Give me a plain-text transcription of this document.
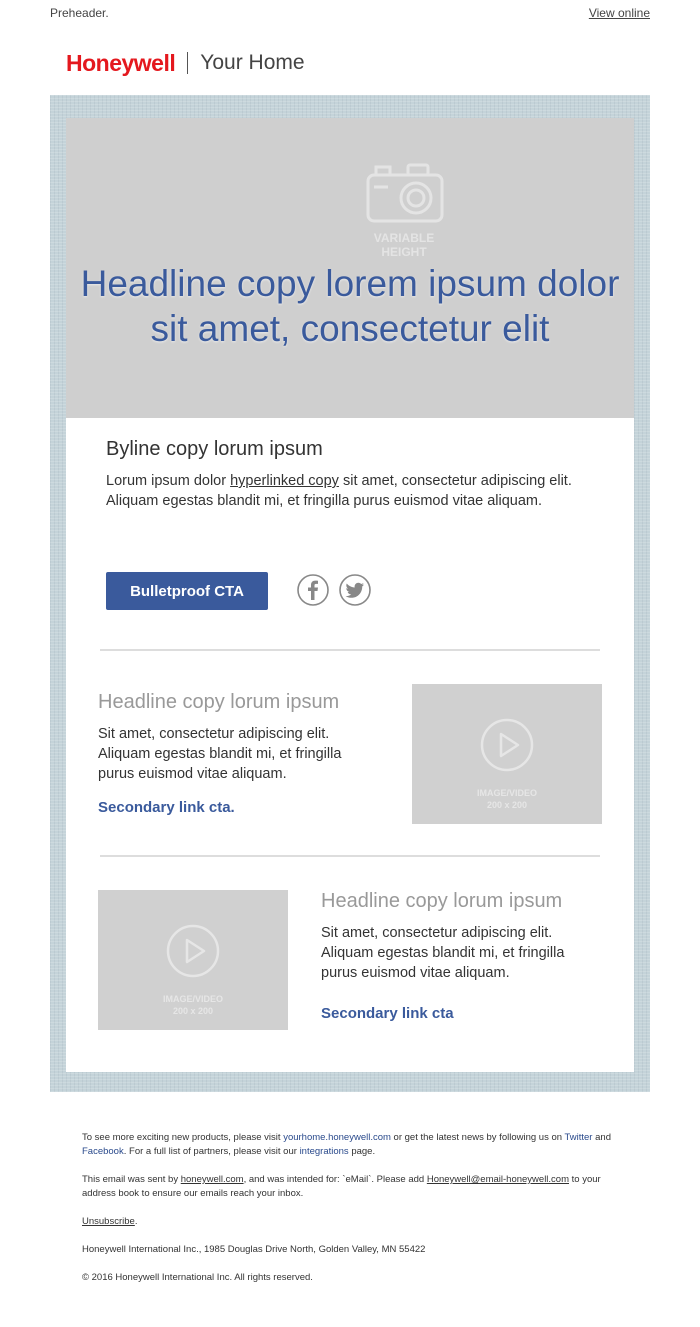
Preheader.	View online
Honeywell Your Home
VARIABLE
HEIGHT
Headline copy lorem ipsum dolor sit amet, consectetur elit
Byline copy lorum ipsum
Lorum ipsum dolor hyperlinked copy sit amet, consectetur adipiscing elit. Aliquam egestas blandit mi, et fringilla purus euismod vitae aliquam.
Bulletproof CTA
Headline copy lorum ipsum
Sit amet, consectetur adipiscing elit. Aliquam egestas blandit mi, et fringilla purus euismod vitae aliquam.
Secondary link cta.
IMAGE/VIDEO
200 x 200
IMAGE/VIDEO
200 x 200
Headline copy lorum ipsum
Sit amet, consectetur adipiscing elit. Aliquam egestas blandit mi, et fringilla purus euismod vitae aliquam.
Secondary link cta
To see more exciting new products, please visit yourhome.honeywell.com or get the latest news by following us on Twitter and Facebook. For a full list of partners, please visit our integrations page.
This email was sent by honeywell.com, and was intended for: `eMail`. Please add Honeywell@email-honeywell.com to your address book to ensure our emails reach your inbox.
Unsubscribe.
Honeywell International Inc., 1985 Douglas Drive North, Golden Valley, MN 55422
© 2016 Honeywell International Inc. All rights reserved.
